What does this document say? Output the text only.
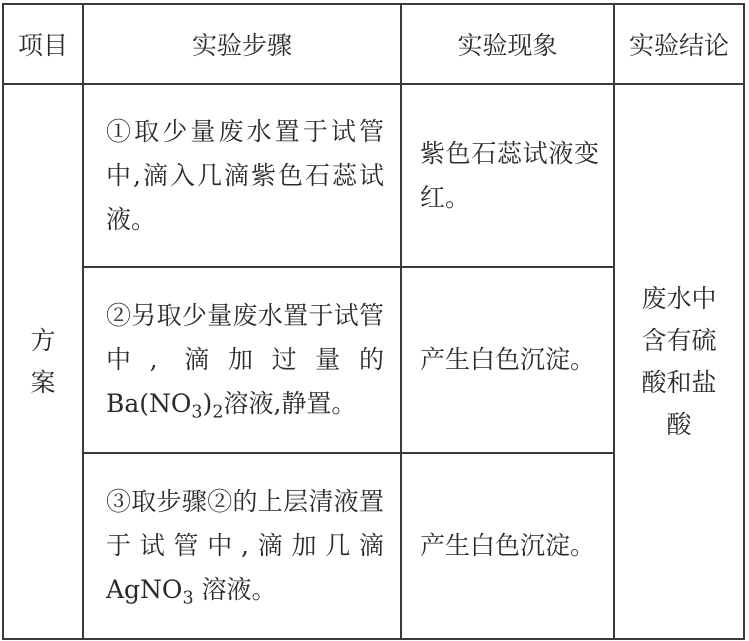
项目	实验步骤	实验现象	实验结论
方案	①取少量废水置于试管中,滴入几滴紫色石蕊试液。	紫色石蕊试液变红。	废水中含有硫酸和盐酸
	②另取少量废水置于试管中, 滴加过量的 $Ba(NO_3)_2$溶液,静置。	产生白色沉淀。	
	③取步骤②的上层清液置于试管中,滴加几滴 AgNO$_3$ 溶液。	产生白色沉淀。	
